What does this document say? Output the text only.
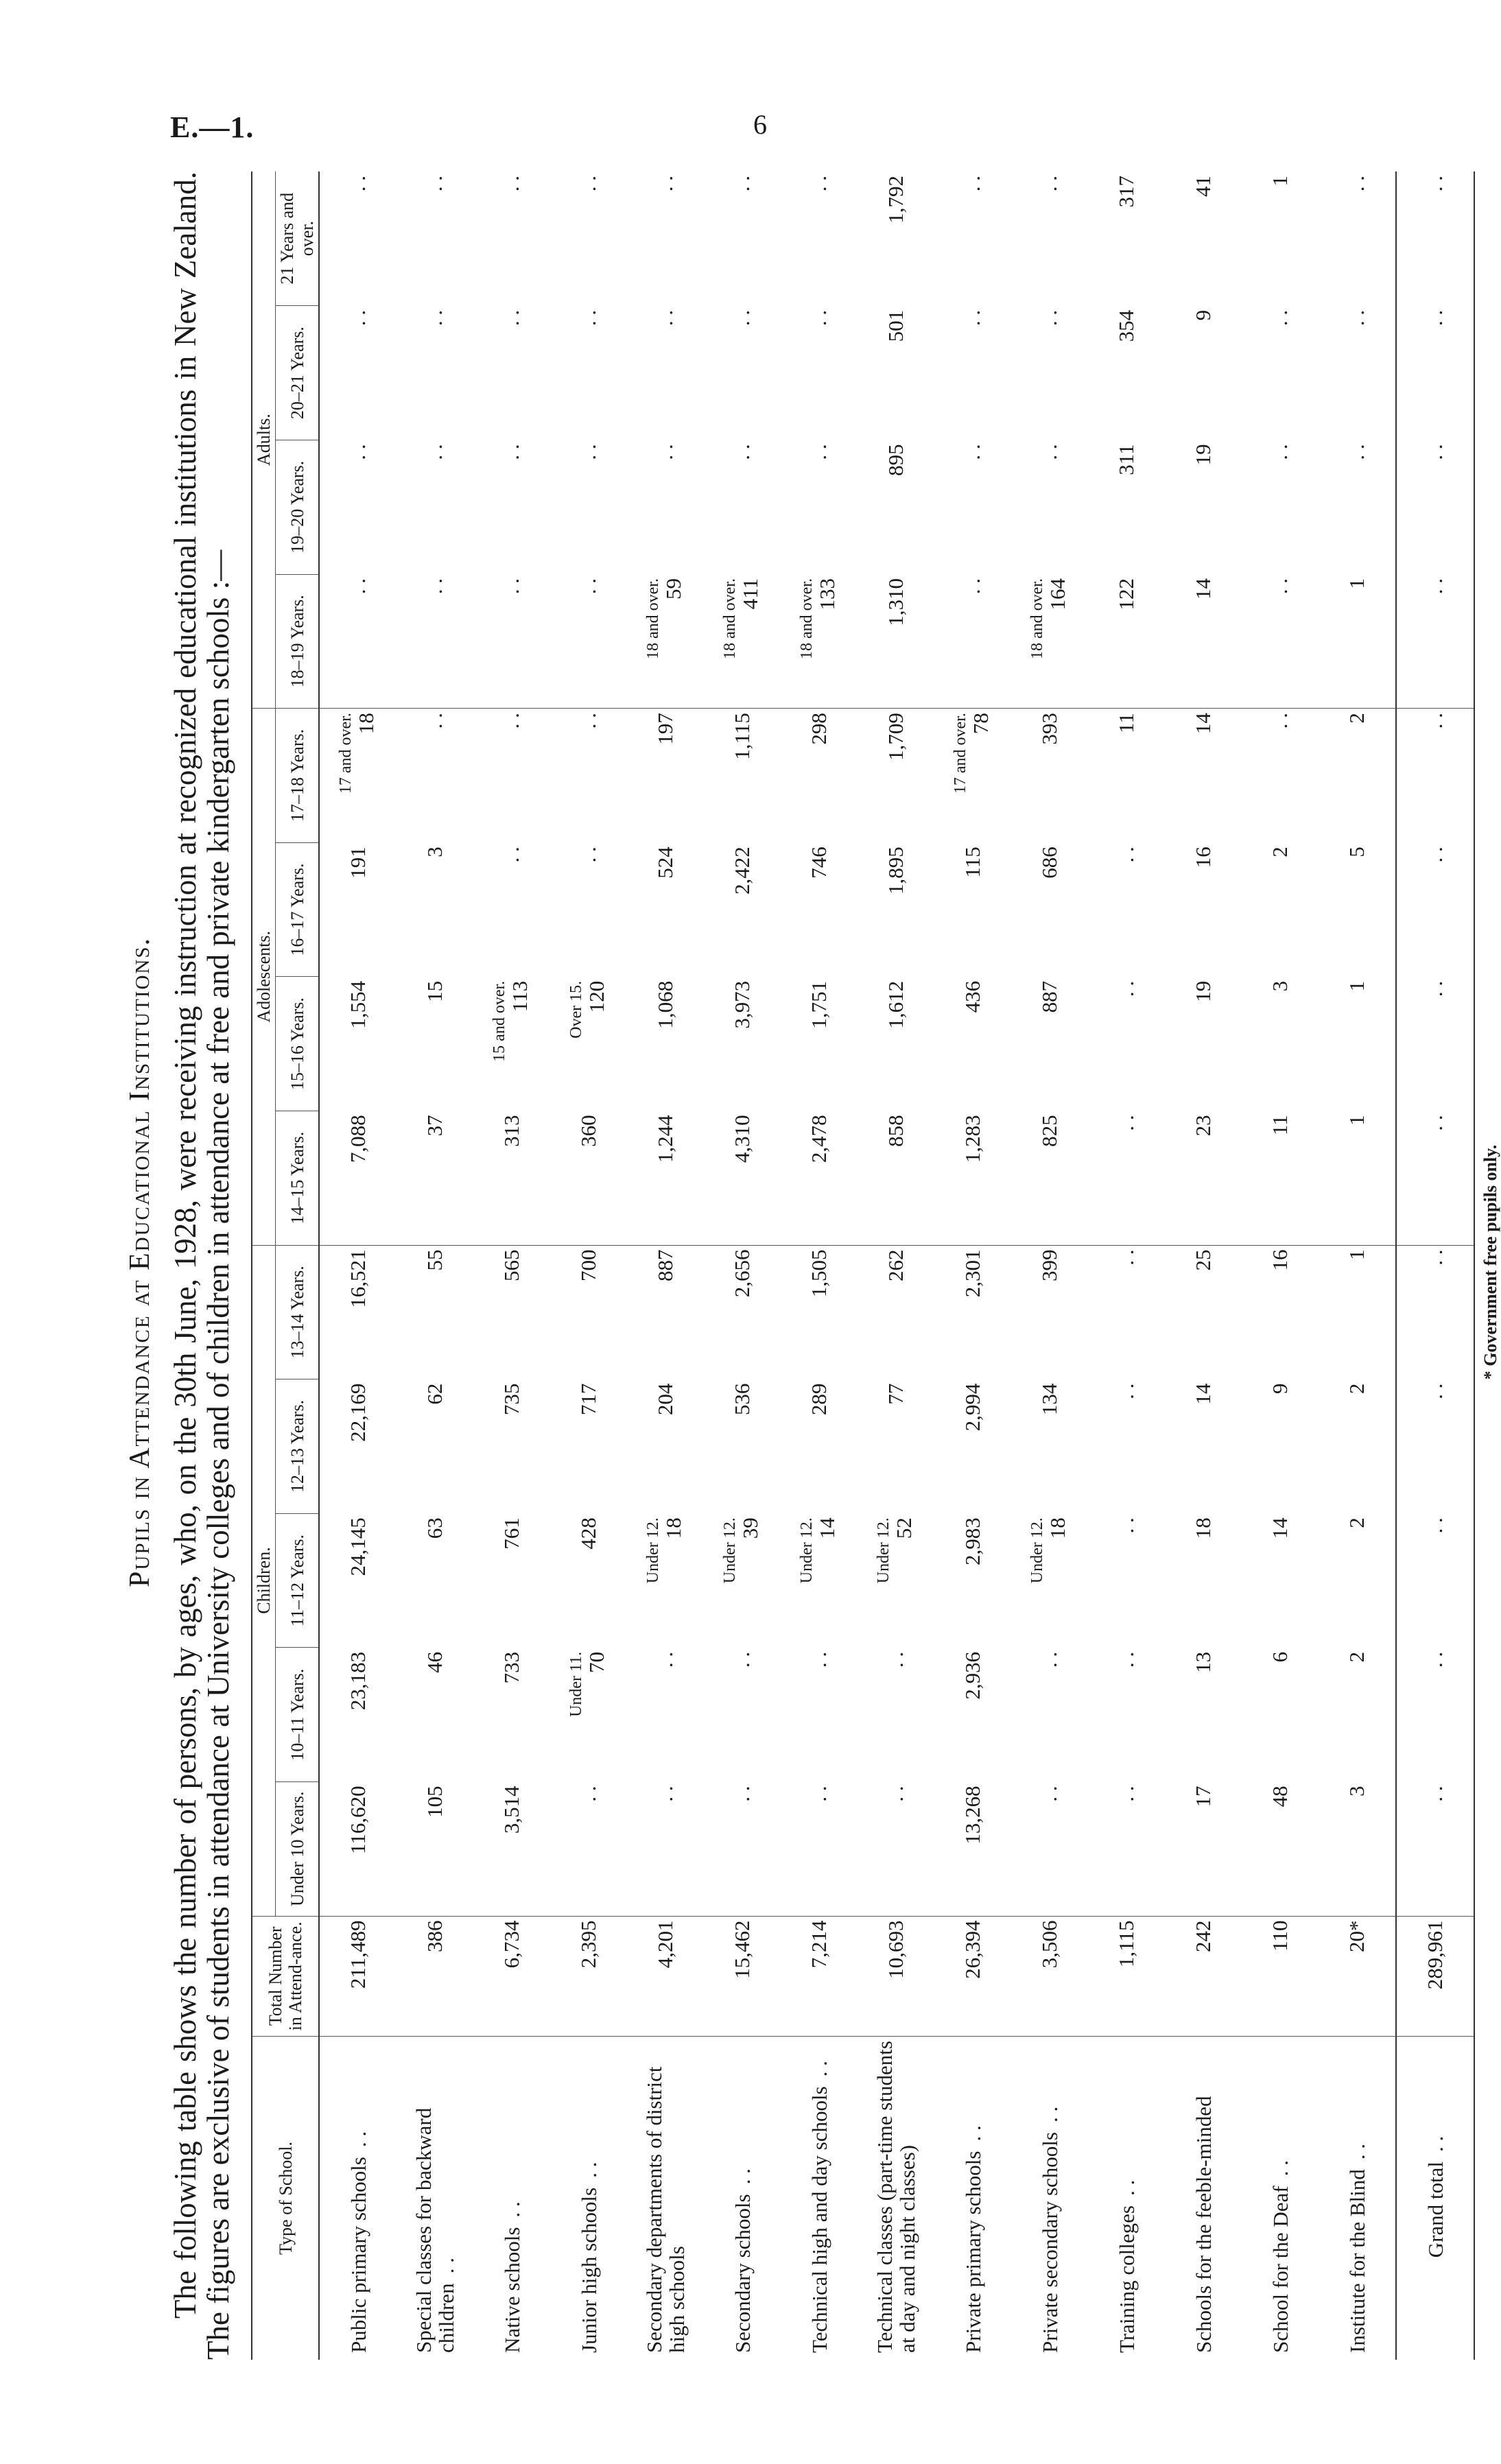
E.—1.	6
Pupils in Attendance at Educational Institutions. The following table shows the number of persons, by ages, who, on the 30th June, 1928, were receiving instruction at recognized educational institutions in New Zealand. The figures are exclusive of students in attendance at University colleges and of children in attendance at free and private kindergarten schools :— Type of School.	Total Number in Attend-ance.	Children.					Adolescents.				Adults.			
		Under 10 Years.	10–11 Years.	11–12 Years.	12–13 Years.	13–14 Years.	14–15 Years.	15–16 Years.	16–17 Years.	17–18 Years.	18–19 Years.	19–20 Years.	20–21 Years.	21 Years and over.
Public primary schools. .	211,489	116,620	23,183	24,145	22,169	16,521	7,088	1,554	191	17 and over. 18	. .	. .	. .	. .

Special classes for backward children. .	386	105	46	63	62	55	37	15	3	. .	. .	. .	. .	. .

Native schools. .	6,734	3,514	733	761	735	565	313	15 and over. 113	. .	. .	. .	. .	. .	. .

Junior high schools. .	2,395	. .	Under 11. 70	428	717	700	360	Over 15. 120	. .	. .	. .	. .	. .	. .

Secondary departments of district high schools	4,201	. .	. .	Under 12. 18	204	887	1,244	1,068	524	197	18 and over. 59	. .	. .	. .

Secondary schools. .	15,462	. .	. .	Under 12. 39	536	2,656	4,310	3,973	2,422	1,115	18 and over. 411	. .	. .	. .

Technical high and day schools. .	7,214	. .	. .	Under 12. 14	289	1,505	2,478	1,751	746	298	18 and over. 133	. .	. .	. .

Technical classes (part-time students at day and night classes)	10,693	. .	. .	Under 12. 52	77	262	858	1,612	1,895	1,709	1,310	895	501	1,792

Private primary schools. .	26,394	13,268	2,936	2,983	2,994	2,301	1,283	436	115	17 and over. 78	. .	. .	. .	. .

Private secondary schools. .	3,506	. .	. .	Under 12. 18	134	399	825	887	686	393	18 and over. 164	. .	. .	. .

Training colleges. .	1,115	. .	. .	. .	. .	. .	. .	. .	. .	11	122	311	354	317

Schools for the feeble-minded	242	17	13	18	14	25	23	19	16	14	14	19	9	41

School for the Deaf. .	110	48	6	14	9	16	11	3	2	. .	. .	. .	. .	1

Institute for the Blind. .	20*	3	2	2	2	1	1	1	5	2	1	. .	. .	. .

Grand total. .	289,961	. .	. .	. .	. .	. .	. .	. .	. .	. .	. .	. .	. .	. .
* Government free pupils only.
